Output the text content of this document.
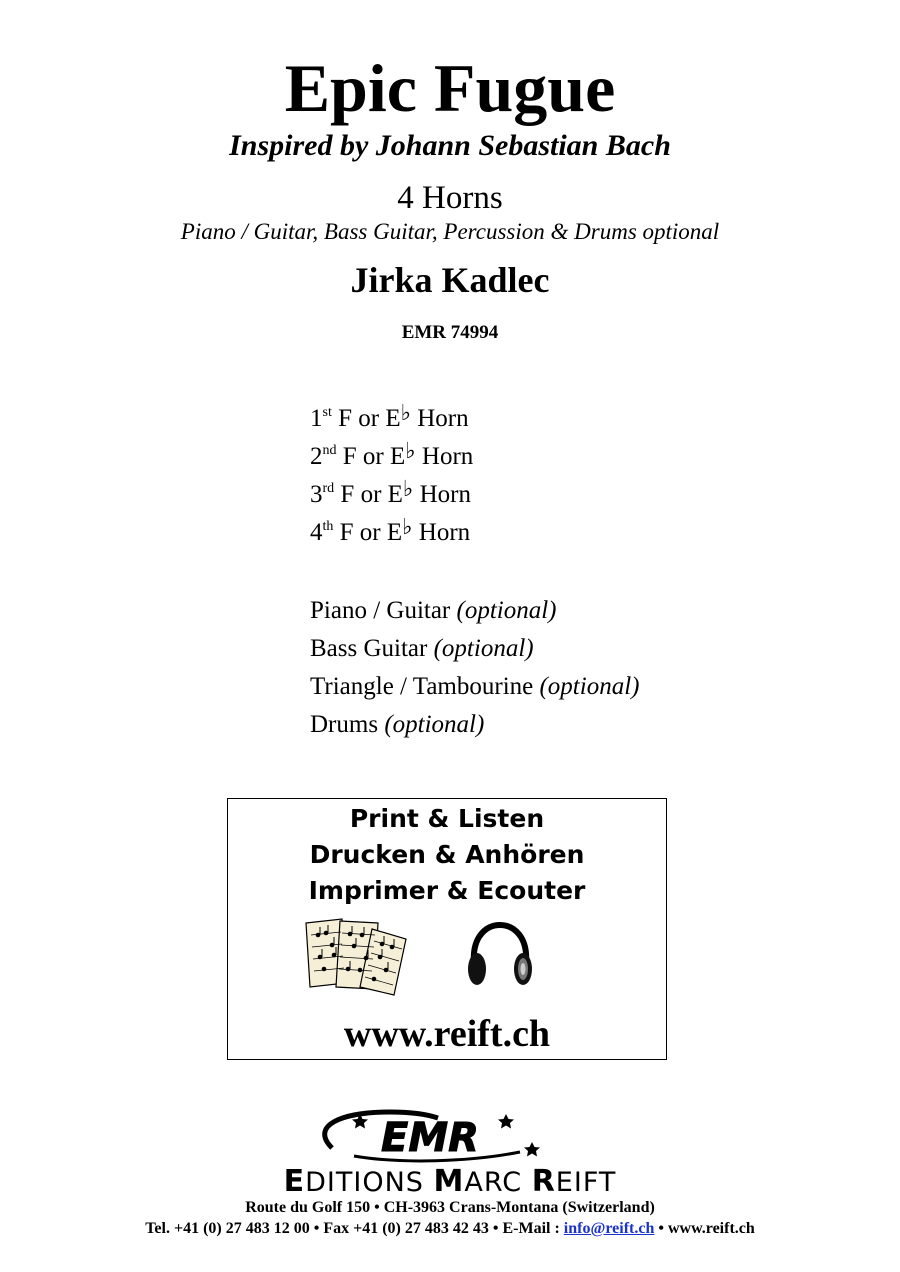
Epic Fugue
Inspired by Johann Sebastian Bach
4 Horns
Piano / Guitar, Bass Guitar, Percussion & Drums optional
Jirka Kadlec
EMR 74994
1st F or E♭ Horn
2nd F or E♭ Horn
3rd F or E♭ Horn
4th F or E♭ Horn
Piano / Guitar (optional)
Bass Guitar (optional)
Triangle / Tambourine (optional)
Drums (optional)
Print & Listen
Drucken & Anhören
Imprimer & Ecouter
www.reift.ch
EMR
EDITIONS MARC REIFT
Route du Golf 150 • CH-3963 Crans-Montana (Switzerland)
Tel. +41 (0) 27 483 12 00 • Fax +41 (0) 27 483 42 43 • E-Mail : info@reift.ch • www.reift.ch
